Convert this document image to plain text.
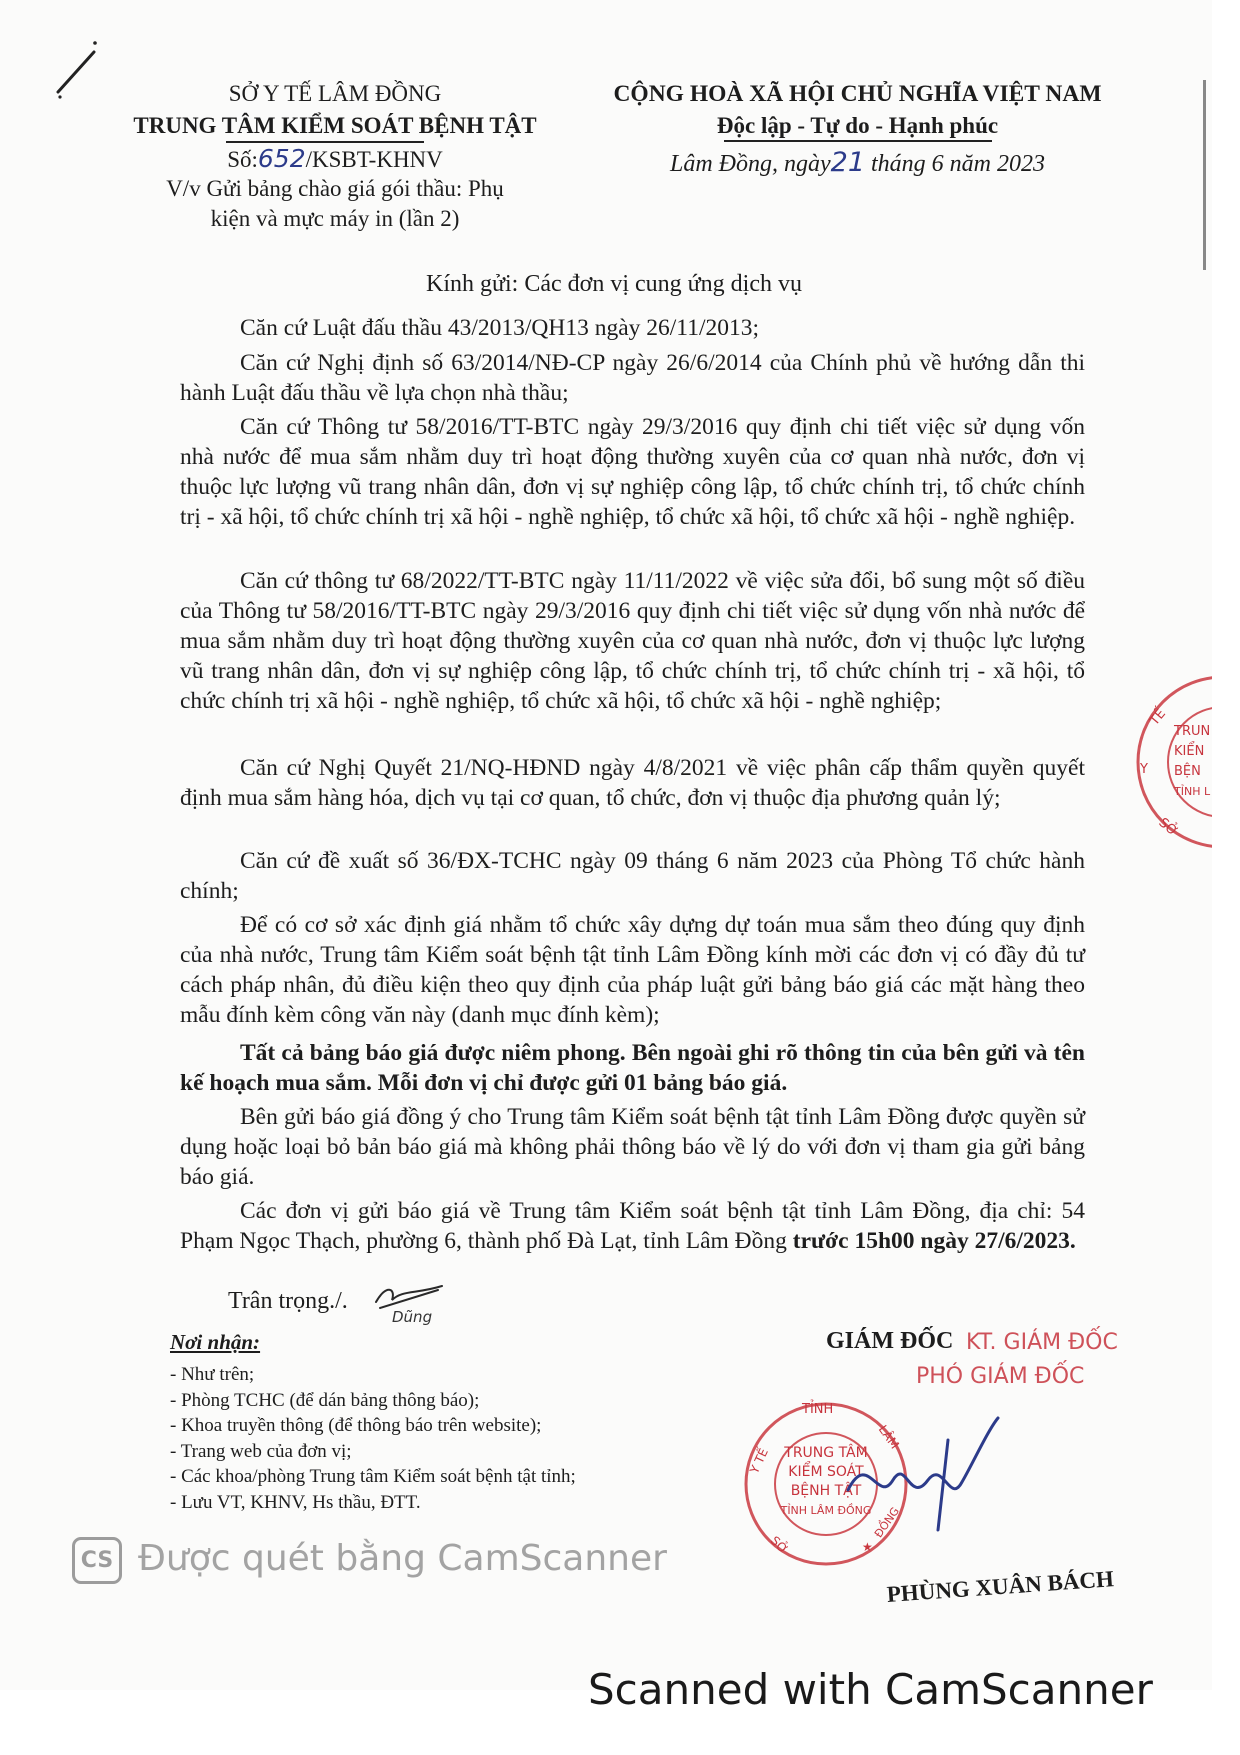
SỞ Y TẾ LÂM ĐỒNG
TRUNG TÂM KIỂM SOÁT BỆNH TẬT
Số:652/KSBT-KHNV
V/v Gửi bảng chào giá gói thầu: Phụ
kiện và mực máy in (lần 2)
CỘNG HOÀ XÃ HỘI CHỦ NGHĨA VIỆT NAM
Độc lập - Tự do - Hạnh phúc
Lâm Đồng, ngày21 tháng 6 năm 2023
Kính gửi: Các đơn vị cung ứng dịch vụ
Căn cứ Luật đấu thầu 43/2013/QH13 ngày 26/11/2013;
Căn cứ Nghị định số 63/2014/NĐ-CP ngày 26/6/2014 của Chính phủ về hướng dẫn thi hành Luật đấu thầu về lựa chọn nhà thầu;
Căn cứ Thông tư 58/2016/TT-BTC ngày 29/3/2016 quy định chi tiết việc sử dụng vốn nhà nước để mua sắm nhằm duy trì hoạt động thường xuyên của cơ quan nhà nước, đơn vị thuộc lực lượng vũ trang nhân dân, đơn vị sự nghiệp công lập, tổ chức chính trị, tổ chức chính trị - xã hội, tổ chức chính trị xã hội - nghề nghiệp, tổ chức xã hội, tổ chức xã hội - nghề nghiệp.
Căn cứ thông tư 68/2022/TT-BTC ngày 11/11/2022 về việc sửa đổi, bổ sung một số điều của Thông tư 58/2016/TT-BTC ngày 29/3/2016 quy định chi tiết việc sử dụng vốn nhà nước để mua sắm nhằm duy trì hoạt động thường xuyên của cơ quan nhà nước, đơn vị thuộc lực lượng vũ trang nhân dân, đơn vị sự nghiệp công lập, tổ chức chính trị, tổ chức chính trị - xã hội, tổ chức chính trị xã hội - nghề nghiệp, tổ chức xã hội, tổ chức xã hội - nghề nghiệp;
Căn cứ Nghị Quyết 21/NQ-HĐND ngày 4/8/2021 về việc phân cấp thẩm quyền quyết định mua sắm hàng hóa, dịch vụ tại cơ quan, tổ chức, đơn vị thuộc địa phương quản lý;
Căn cứ đề xuất số 36/ĐX-TCHC ngày 09 tháng 6 năm 2023 của Phòng Tổ chức hành chính;
Để có cơ sở xác định giá nhằm tổ chức xây dựng dự toán mua sắm theo đúng quy định của nhà nước, Trung tâm Kiểm soát bệnh tật tỉnh Lâm Đồng kính mời các đơn vị có đầy đủ tư cách pháp nhân, đủ điều kiện theo quy định của pháp luật gửi bảng báo giá các mặt hàng theo mẫu đính kèm công văn này (danh mục đính kèm);
Tất cả bảng báo giá được niêm phong. Bên ngoài ghi rõ thông tin của bên gửi và tên kế hoạch mua sắm. Mỗi đơn vị chỉ được gửi 01 bảng báo giá.
Bên gửi báo giá đồng ý cho Trung tâm Kiểm soát bệnh tật tỉnh Lâm Đồng được quyền sử dụng hoặc loại bỏ bản báo giá mà không phải thông báo về lý do với đơn vị tham gia gửi bảng báo giá.
Các đơn vị gửi báo giá về Trung tâm Kiểm soát bệnh tật tỉnh Lâm Đồng, địa chỉ: 54 Phạm Ngọc Thạch, phường 6, thành phố Đà Lạt, tỉnh Lâm Đồng trước 15h00 ngày 27/6/2023.
Trân trọng./.
Dũng
Nơi nhận:
- Như trên;
- Phòng TCHC (để dán bảng thông báo);
- Khoa truyền thông (để thông báo trên website);
- Trang web của đơn vị;
- Các khoa/phòng Trung tâm Kiểm soát bệnh tật tỉnh;
- Lưu VT, KHNV, Hs thầu, ĐTT.
GIÁM ĐỐC KT. GIÁM ĐỐC
PHÓ GIÁM ĐỐC
★
TỈNH
Y TẾ
LÂM
SỞ
ĐỒNG
TRUNG TÂM
KIỂM SOÁT
BỆNH TẬT
TỈNH LÂM ĐỒNG
PHÙNG XUÂN BÁCH
TẾ
Y
SỞ
TRUN
KIỂN
BỆN
TỈNH L
CS Được quét bằng CamScanner
Scanned with CamScanner
